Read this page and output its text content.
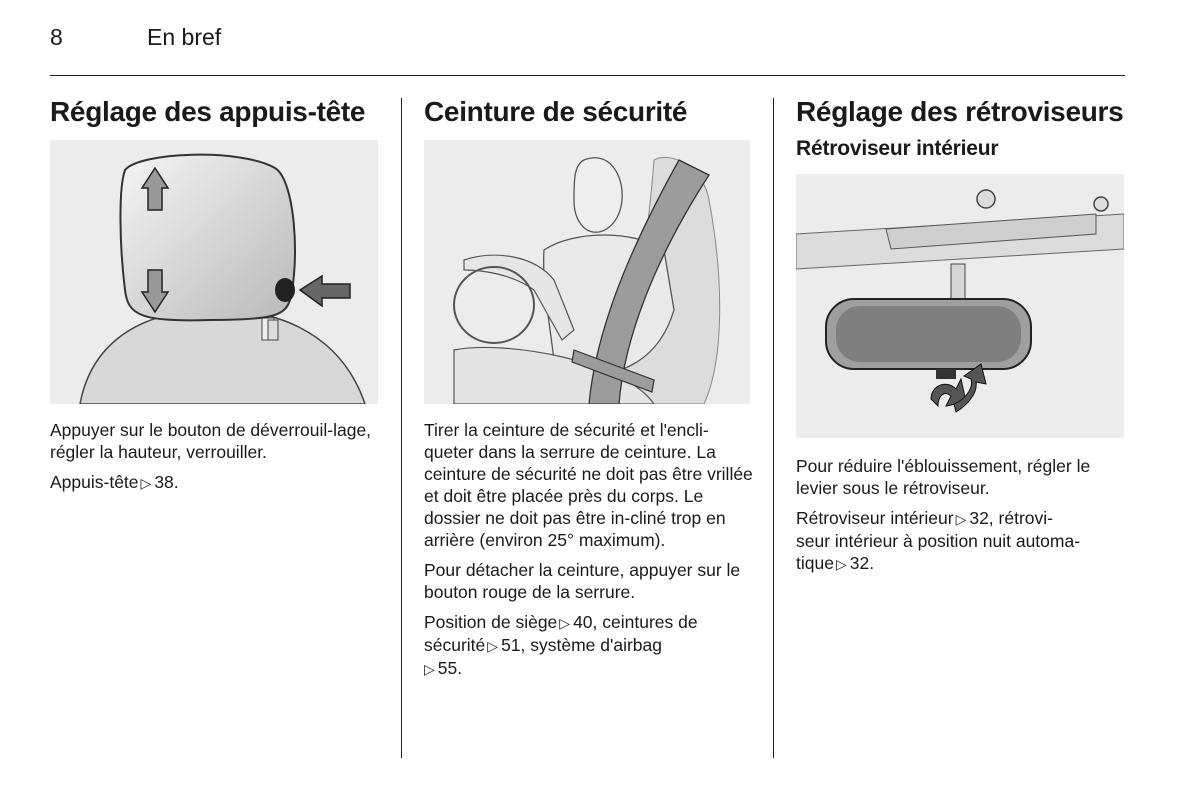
8	En bref
Réglage des appuis-tête

Appuyer sur le bouton de déverrouil-lage, régler la hauteur, verrouiller.

Appuis-tête ▷ 38.

Ceinture de sécurité

Tirer la ceinture de sécurité et l'encli-queter dans la serrure de ceinture. La ceinture de sécurité ne doit pas être vrillée et doit être placée près du corps. Le dossier ne doit pas être in-cliné trop en arrière (environ 25° maximum).

Pour détacher la ceinture, appuyer sur le bouton rouge de la serrure.

Position de siège ▷ 40, ceintures de
sécurité ▷ 51, système d'airbag
▷ 55.

Réglage des rétroviseurs
Rétroviseur intérieur

Pour réduire l'éblouissement, régler le levier sous le rétroviseur.

Rétroviseur intérieur ▷ 32, rétrovi-
seur intérieur à position nuit automa-
tique ▷ 32.
